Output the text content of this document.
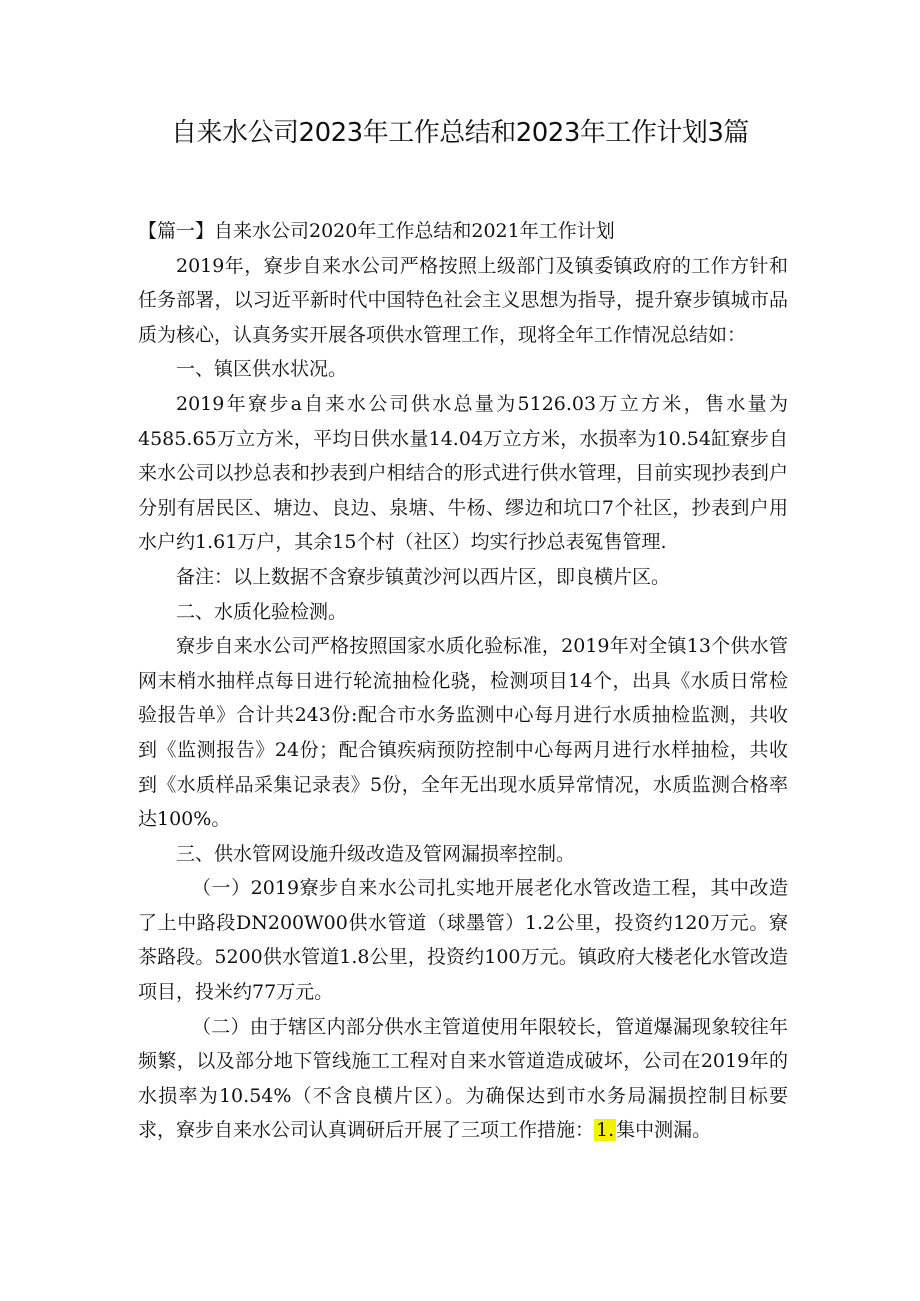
自来水公司2023年工作总结和2023年工作计划3篇

【篇一】自来水公司2020年工作总结和2021年工作计划

2019年，寮步自来水公司严格按照上级部门及镇委镇政府的工作方针和任务部署，以习近平新时代中国特色社会主义思想为指导，提升寮步镇城市品质为核心，认真务实开展各项供水管理工作，现将全年工作情况总结如：

一、镇区供水状况。

2019年寮步a自来水公司供水总量为5126.03万立方米，售水量为4585.65万立方米，平均日供水量14.04万立方米，水损率为10.54缸寮步自来水公司以抄总表和抄表到户相结合的形式进行供水管理，目前实现抄表到户分别有居民区、塘边、良边、泉塘、牛杨、缪边和坑口7个社区，抄表到户用水户约1.61万户，其余15个村（社区）均实行抄总表冤售管理.

备注：以上数据不含寮步镇黄沙河以西片区，即良横片区。

二、水质化验检测。

寮步自来水公司严格按照国家水质化验标准，2019年对全镇13个供水管网末梢水抽样点每日进行轮流抽检化骁，检测项目14个，出具《水质日常检验报告单》合计共243份:配合市水务监测中心每月进行水质抽检监测，共收到《监测报告》24份；配合镇疾病预防控制中心每两月进行水样抽检，共收到《水质样品采集记录表》5份，全年无出现水质异常情况，水质监测合格率达100%。

三、供水管网设施升级改造及管网漏损率控制。

（一）2019寮步自来水公司扎实地开展老化水管改造工程，其中改造了上中路段DN200W00供水管道（球墨管）1.2公里，投资约120万元。寮茶路段。5200供水管道1.8公里，投资约100万元。镇政府大楼老化水管改造项目，投米约77万元。

（二）由于辖区内部分供水主管道使用年限较长，管道爆漏现象较往年频繁，以及部分地下管线施工工程对自来水管道造成破坏，公司在2019年的水损率为10.54%（不含良横片区）。为确保达到市水务局漏损控制目标要求，寮步自来水公司认真调研后开展了三项工作措施： 1. 集中测漏。
